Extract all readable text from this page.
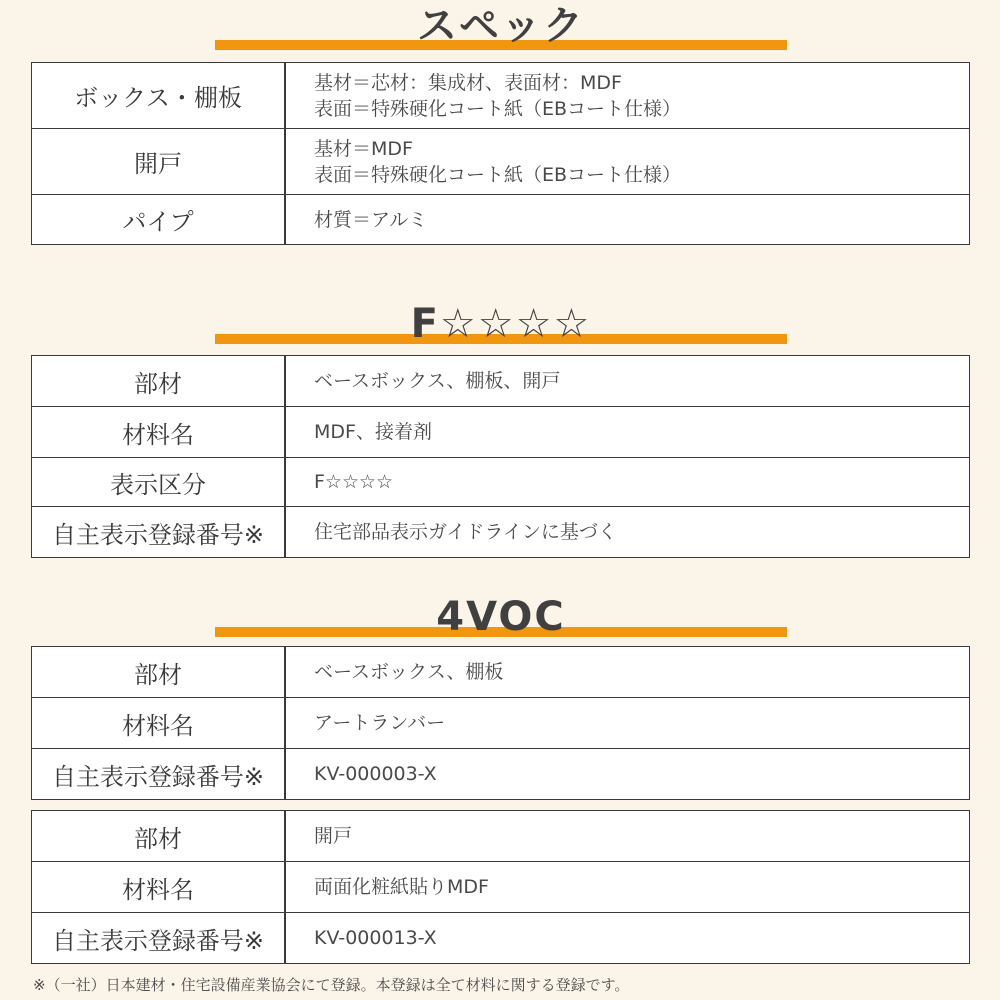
スペック
ボックス・棚板	基材＝芯材：集成材、表面材：MDF
表面＝特殊硬化コート紙（EBコート仕様）

開戸	基材＝MDF
表面＝特殊硬化コート紙（EBコート仕様）

パイプ	材質＝アルミ
F☆☆☆☆
部材	ベースボックス、棚板、開戸
材料名	MDF、接着剤
表示区分	F☆☆☆☆
自主表示登録番号※	住宅部品表示ガイドラインに基づく
4VOC
部材	ベースボックス、棚板
材料名	アートランバー
自主表示登録番号※	KV-000003-X
部材	開戸
材料名	両面化粧紙貼りMDF
自主表示登録番号※	KV-000013-X
※（一社）日本建材・住宅設備産業協会にて登録。本登録は全て材料に関する登録です。
